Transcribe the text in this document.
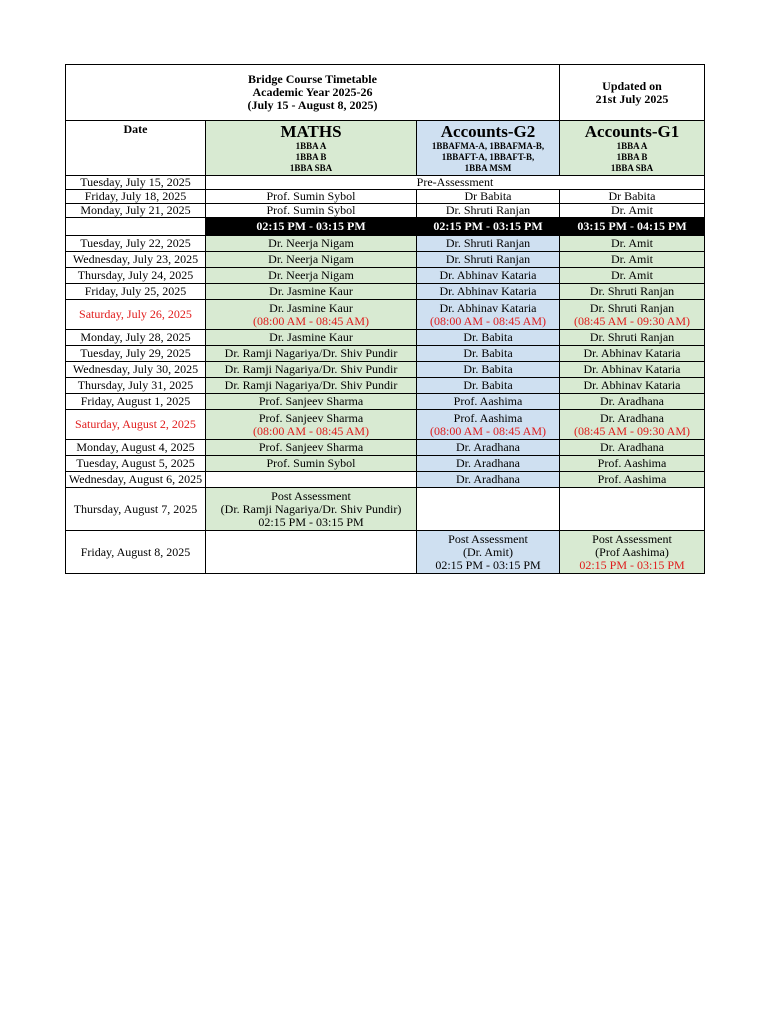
Bridge Course Timetable
Academic Year 2025-26
(July 15 - August 8, 2025)			Updated on
21st July 2025

Date	MATHS
1BBA A
1BBA B
1BBA SBA	Accounts-G2
1BBAFMA-A, 1BBAFMA-B,
1BBAFT-A, 1BBAFT-B,
1BBA MSM	Accounts-G1
1BBA A
1BBA B
1BBA SBA

Tuesday, July 15, 2025	Pre-Assessment		
Friday, July 18, 2025	Prof. Sumin Sybol	Dr Babita	Dr Babita
Monday, July 21, 2025	Prof. Sumin Sybol	Dr. Shruti Ranjan	Dr. Amit
	02:15 PM - 03:15 PM	02:15 PM - 03:15 PM	03:15 PM - 04:15 PM
Tuesday, July 22, 2025	Dr. Neerja Nigam	Dr. Shruti Ranjan	Dr. Amit

Wednesday, July 23, 2025	Dr. Neerja Nigam	Dr. Shruti Ranjan	Dr. Amit

Thursday, July 24, 2025	Dr. Neerja Nigam	Dr. Abhinav Kataria	Dr. Amit

Friday, July 25, 2025	Dr. Jasmine Kaur	Dr. Abhinav Kataria	Dr. Shruti Ranjan

Saturday, July 26, 2025	Dr. Jasmine Kaur
(08:00 AM - 08:45 AM)	Dr. Abhinav Kataria
(08:00 AM - 08:45 AM)	Dr. Shruti Ranjan
(08:45 AM - 09:30 AM)

Monday, July 28, 2025	Dr. Jasmine Kaur	Dr. Babita	Dr. Shruti Ranjan

Tuesday, July 29, 2025	Dr. Ramji Nagariya/Dr. Shiv Pundir	Dr. Babita	Dr. Abhinav Kataria

Wednesday, July 30, 2025	Dr. Ramji Nagariya/Dr. Shiv Pundir	Dr. Babita	Dr. Abhinav Kataria

Thursday, July 31, 2025	Dr. Ramji Nagariya/Dr. Shiv Pundir	Dr. Babita	Dr. Abhinav Kataria

Friday, August 1, 2025	Prof. Sanjeev Sharma	Prof. Aashima	Dr. Aradhana

Saturday, August 2, 2025	Prof. Sanjeev Sharma
(08:00 AM - 08:45 AM)	Prof. Aashima
(08:00 AM - 08:45 AM)	Dr. Aradhana
(08:45 AM - 09:30 AM)

Monday, August 4, 2025	Prof. Sanjeev Sharma	Dr. Aradhana	Dr. Aradhana

Tuesday, August 5, 2025	Prof. Sumin Sybol	Dr. Aradhana	Prof. Aashima

Wednesday, August 6, 2025		Dr. Aradhana	Prof. Aashima

Thursday, August 7, 2025	Post Assessment
(Dr. Ramji Nagariya/Dr. Shiv Pundir)
02:15 PM - 03:15 PM		

Friday, August 8, 2025		Post Assessment
(Dr. Amit)
02:15 PM - 03:15 PM	Post Assessment
(Prof Aashima)
02:15 PM - 03:15 PM
